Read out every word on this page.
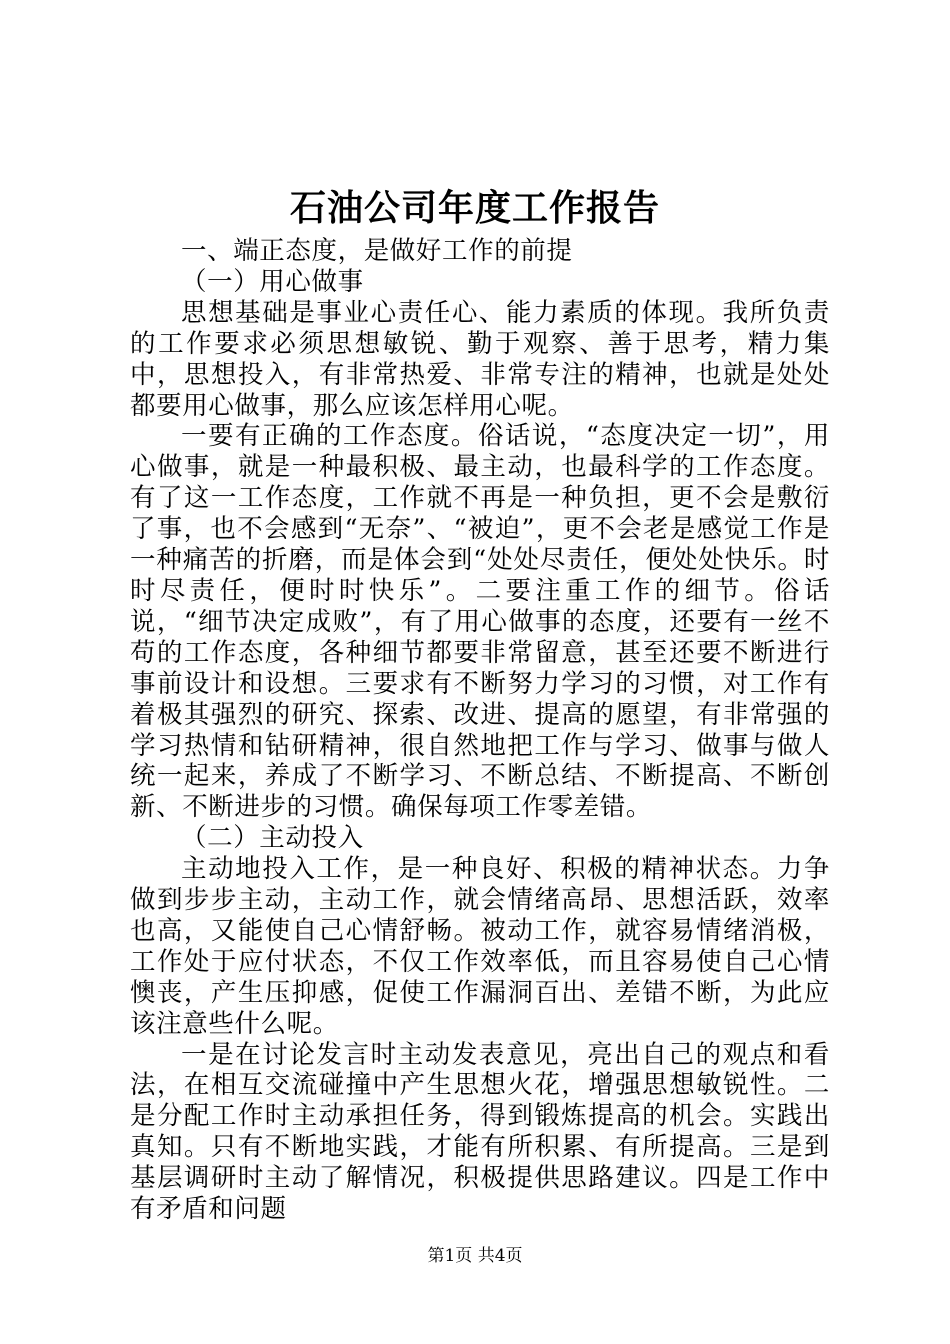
石油公司年度工作报告

一、端正态度，是做好工作的前提

（一）用心做事

思想基础是事业心责任心、能力素质的体现。我所负责的工作要求必须思想敏锐、勤于观察、善于思考，精力集中，思想投入，有非常热爱、非常专注的精神，也就是处处都要用心做事，那么应该怎样用心呢。

一要有正确的工作态度。俗话说，“态度决定一切”，用心做事，就是一种最积极、最主动，也最科学的工作态度。有了这一工作态度，工作就不再是一种负担，更不会是敷衍了事，也不会感到“无奈”、“被迫”，更不会老是感觉工作是一种痛苦的折磨，而是体会到“处处尽责任，便处处快乐。时时尽责任，便时时快乐”。二要注重工作的细节。俗话说，“细节决定成败”，有了用心做事的态度，还要有一丝不苟的工作态度，各种细节都要非常留意，甚至还要不断进行事前设计和设想。三要求有不断努力学习的习惯，对工作有着极其强烈的研究、探索、改进、提高的愿望，有非常强的学习热情和钻研精神，很自然地把工作与学习、做事与做人统一起来，养成了不断学习、不断总结、不断提高、不断创新、不断进步的习惯。确保每项工作零差错。

（二）主动投入

主动地投入工作，是一种良好、积极的精神状态。力争做到步步主动，主动工作，就会情绪高昂、思想活跃，效率也高，又能使自己心情舒畅。被动工作，就容易情绪消极，工作处于应付状态，不仅工作效率低，而且容易使自己心情懊丧，产生压抑感，促使工作漏洞百出、差错不断，为此应该注意些什么呢。

一是在讨论发言时主动发表意见，亮出自己的观点和看法，在相互交流碰撞中产生思想火花，增强思想敏锐性。二是分配工作时主动承担任务，得到锻炼提高的机会。实践出真知。只有不断地实践，才能有所积累、有所提高。三是到基层调研时主动了解情况，积极提供思路建议。四是工作中有矛盾和问题

第1页 共4页
